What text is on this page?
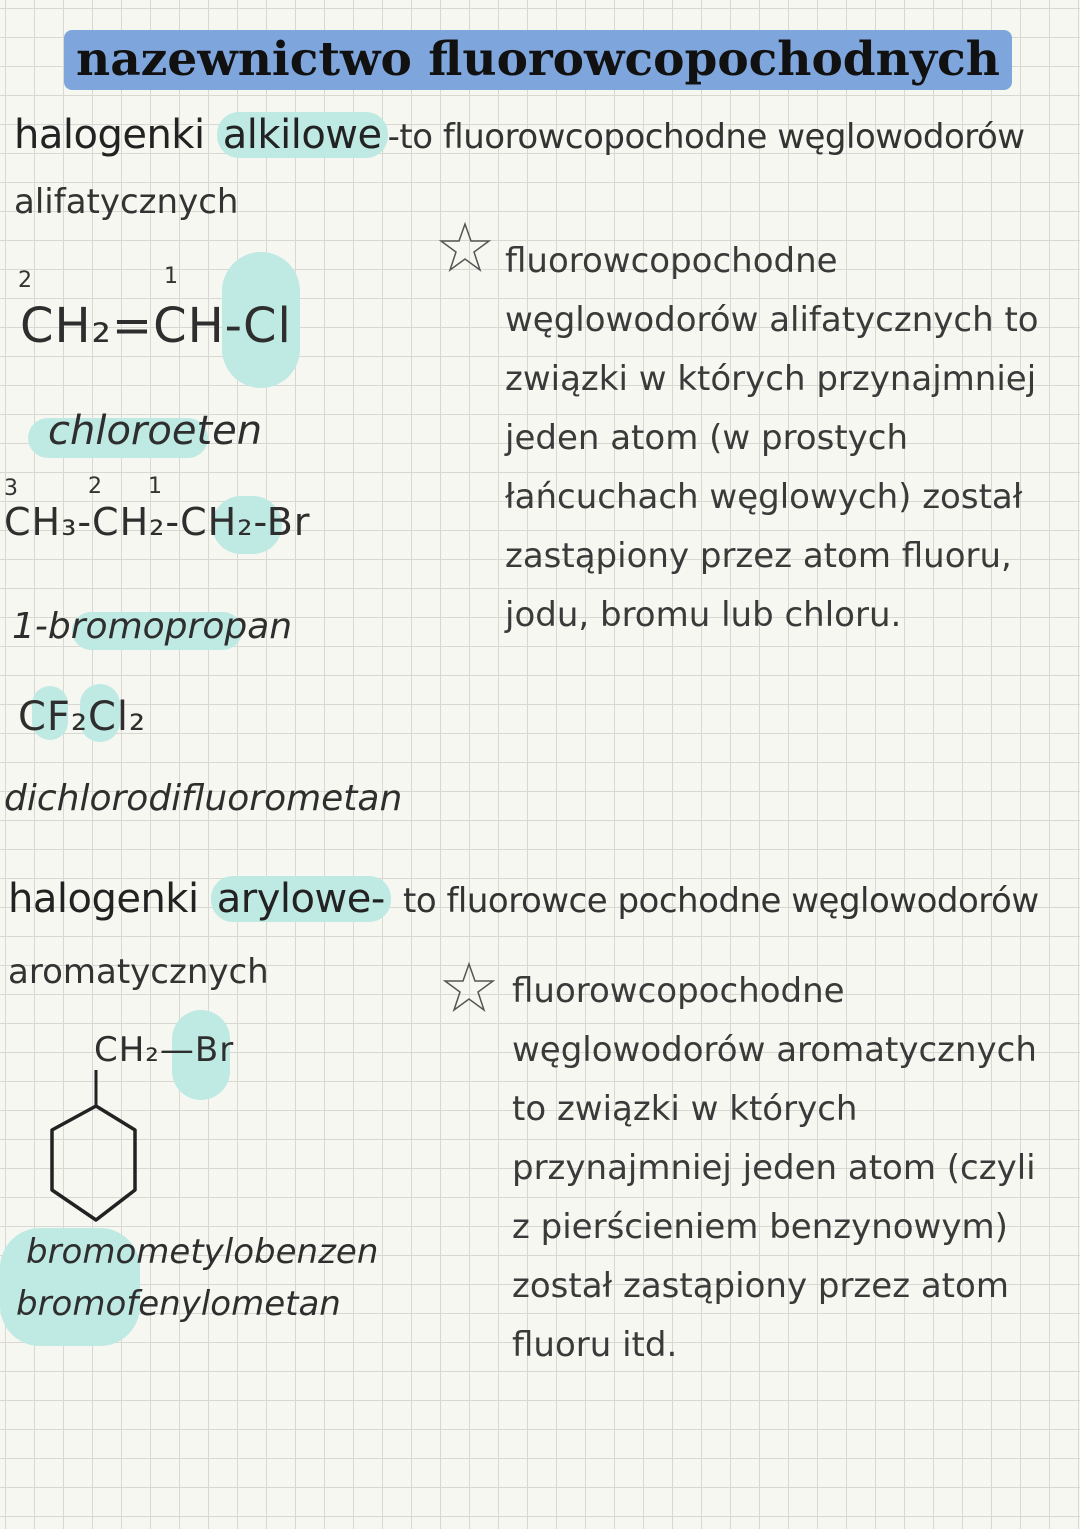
nazewnictwo fluorowcopochodnych
halogenki alkilowe -to fluorowcopochodne węglowodorów
alifatycznych
fluorowcopochodne węglowodorów alifatycznych to związki w których przynajmniej jeden atom (w prostych łańcuchach węglowych) został zastąpiony przez atom fluoru, jodu, bromu lub chloru.
2	1
CH₂=CH-Cl
chloroeten
3	2 1
CH₃-CH₂-CH₂-Br
1-bromopropan
CF₂Cl₂
dichlorodifluorometan
halogenki arylowe- to fluorowce pochodne węglowodorów
aromatycznych	fluorowcopochodne węglowodorów aromatycznych to związki w których przynajmniej jeden atom (czyli z pierścieniem benzynowym) został zastąpiony przez atom fluoru itd.
CH₂—Br
bromometylobenzen
bromofenylometan
